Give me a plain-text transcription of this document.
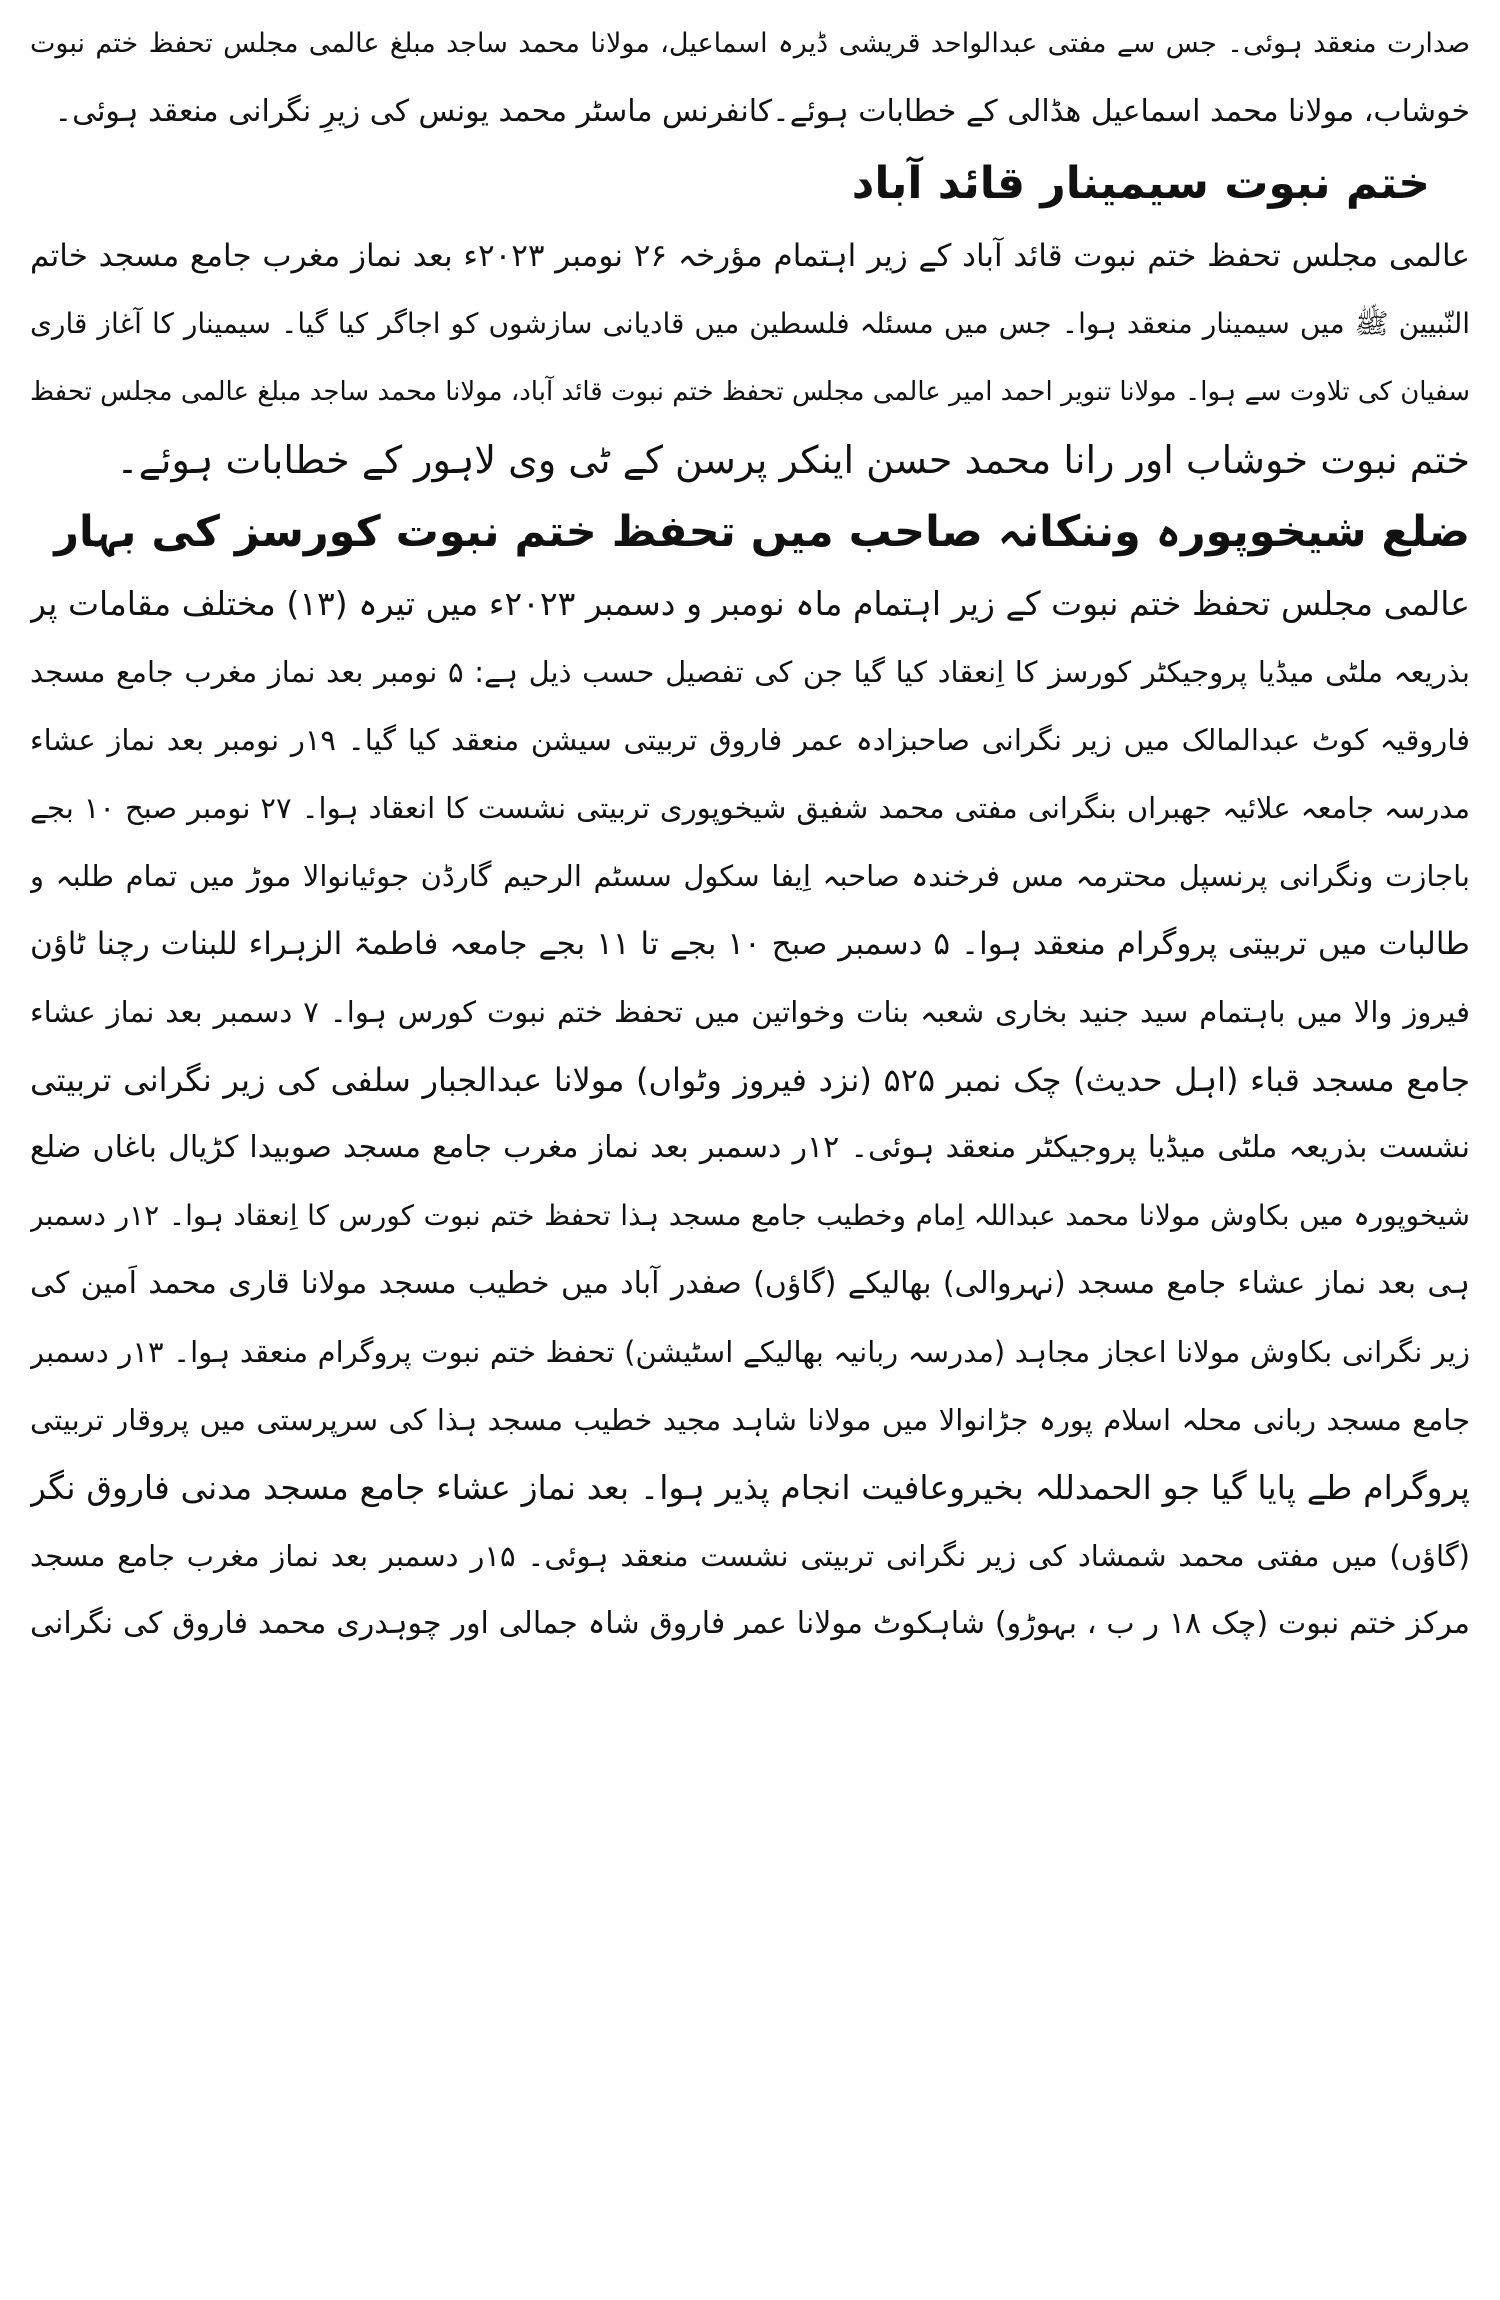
صدارت منعقد ہوئی۔ جس سے مفتی عبدالواحد قریشی ڈیرہ اسماعیل، مولانا محمد ساجد مبلغ عالمی مجلس تحفظ ختم نبوت
خوشاب، مولانا محمد اسماعیل ھڈالی کے خطابات ہوئے۔کانفرنس ماسٹر محمد یونس کی زیرِ نگرانی منعقد ہوئی۔
ختم نبوت سیمینار قائد آباد
عالمی مجلس تحفظ ختم نبوت قائد آباد کے زیر اہتمام مؤرخہ ۲۶ نومبر ۲۰۲۳ء بعد نماز مغرب جامع مسجد خاتم
النّبیین ﷺ میں سیمینار منعقد ہوا۔ جس میں مسئلہ فلسطین میں قادیانی سازشوں کو اجاگر کیا گیا۔ سیمینار کا آغاز قاری
سفیان کی تلاوت سے ہوا۔ مولانا تنویر احمد امیر عالمی مجلس تحفظ ختم نبوت قائد آباد، مولانا محمد ساجد مبلغ عالمی مجلس تحفظ
ختم نبوت خوشاب اور رانا محمد حسن اینکر پرسن کے ٹی وی لاہور کے خطابات ہوئے۔
ضلع شیخوپورہ وننکانہ صاحب میں تحفظ ختم نبوت کورسز کی بہار
عالمی مجلس تحفظ ختم نبوت کے زیر اہتمام ماہ نومبر و دسمبر ۲۰۲۳ء میں تیرہ (۱۳) مختلف مقامات پر
بذریعہ ملٹی میڈیا پروجیکٹر کورسز کا اِنعقاد کیا گیا جن کی تفصیل حسب ذیل ہے: ۵ نومبر بعد نماز مغرب جامع مسجد
فاروقیہ کوٹ عبدالمالک میں زیر نگرانی صاحبزادہ عمر فاروق تربیتی سیشن منعقد کیا گیا۔ ۱۹ر نومبر بعد نماز عشاء
مدرسہ جامعہ علائیہ جھبراں بنگرانی مفتی محمد شفیق شیخوپوری تربیتی نشست کا انعقاد ہوا۔ ۲۷ نومبر صبح ۱۰ بجے
باجازت ونگرانی پرنسپل محترمہ مس فرخندہ صاحبہ اِیفا سکول سسٹم الرحیم گارڈن جوئیانوالا موڑ میں تمام طلبہ و
طالبات میں تربیتی پروگرام منعقد ہوا۔ ۵ دسمبر صبح ۱۰ بجے تا ۱۱ بجے جامعہ فاطمۃ الزہراء للبنات رچنا ٹاؤن
فیروز والا میں باہتمام سید جنید بخاری شعبہ بنات وخواتین میں تحفظ ختم نبوت کورس ہوا۔ ۷ دسمبر بعد نماز عشاء
جامع مسجد قباء (اہل حدیث) چک نمبر ۵۲۵ (نزد فیروز وٹواں) مولانا عبدالجبار سلفی کی زیر نگرانی تربیتی
نشست بذریعہ ملٹی میڈیا پروجیکٹر منعقد ہوئی۔ ۱۲ر دسمبر بعد نماز مغرب جامع مسجد صوبیدا کڑیال باغاں ضلع
شیخوپورہ میں بکاوش مولانا محمد عبداللہ اِمام وخطیب جامع مسجد ہذا تحفظ ختم نبوت کورس کا اِنعقاد ہوا۔ ۱۲ر دسمبر
ہی بعد نماز عشاء جامع مسجد (نہروالی) بھالیکے (گاؤں) صفدر آباد میں خطیب مسجد مولانا قاری محمد اَمین کی
زیر نگرانی بکاوش مولانا اعجاز مجاہد (مدرسہ ربانیہ بھالیکے اسٹیشن) تحفظ ختم نبوت پروگرام منعقد ہوا۔ ۱۳ر دسمبر
جامع مسجد ربانی محلہ اسلام پورہ جڑانوالا میں مولانا شاہد مجید خطیب مسجد ہذا کی سرپرستی میں پروقار تربیتی
پروگرام طے پایا گیا جو الحمدللہ بخیروعافیت انجام پذیر ہوا۔ بعد نماز عشاء جامع مسجد مدنی فاروق نگر
(گاؤں) میں مفتی محمد شمشاد کی زیر نگرانی تربیتی نشست منعقد ہوئی۔ ۱۵ر دسمبر بعد نماز مغرب جامع مسجد
مرکز ختم نبوت (چک ۱۸ ر ب ، بہوڑو) شاہکوٹ مولانا عمر فاروق شاہ جمالی اور چوہدری محمد فاروق کی نگرانی
